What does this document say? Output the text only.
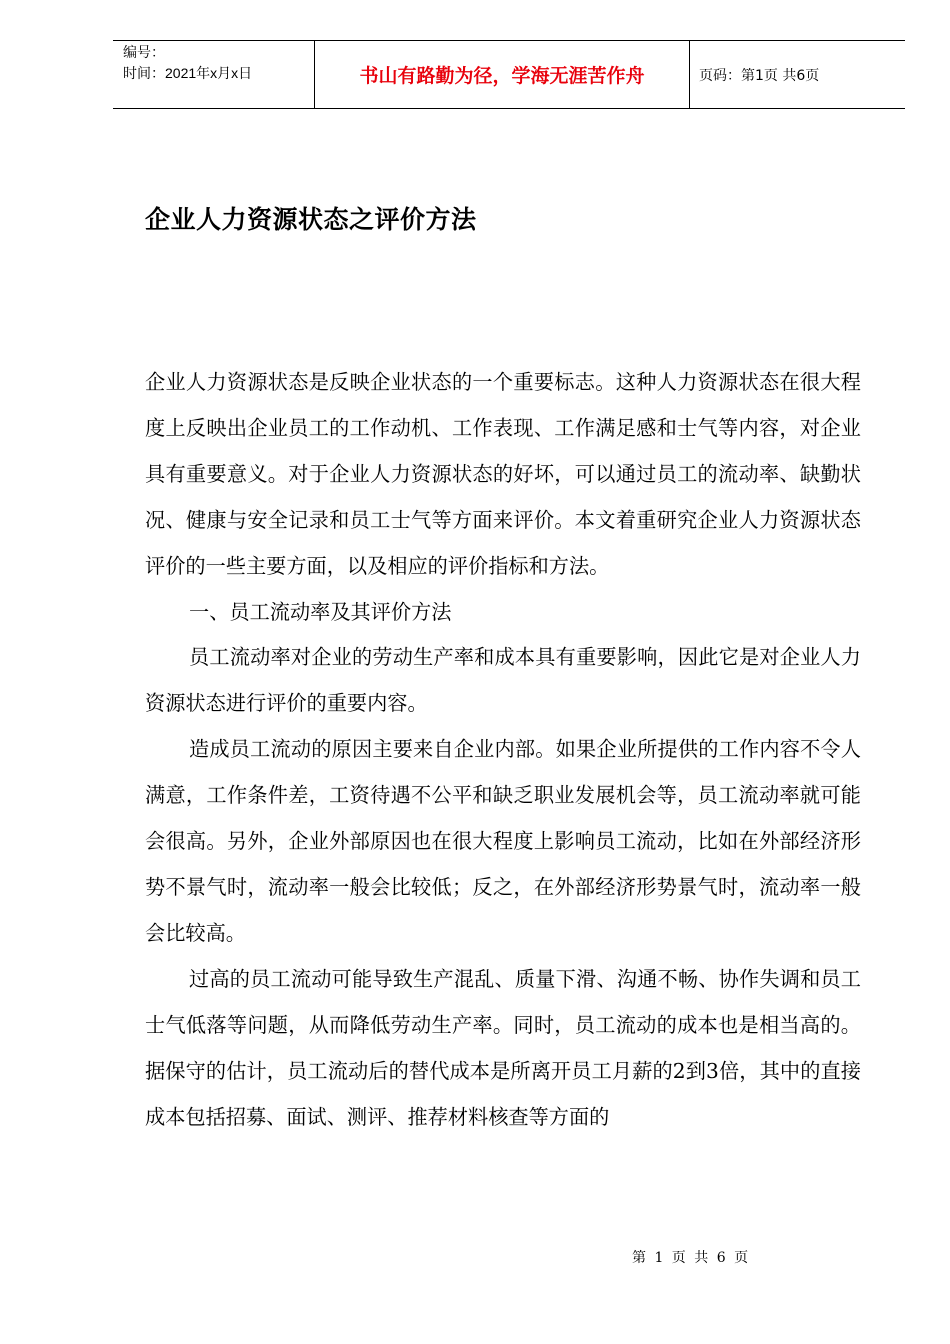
编号：
时间：2021年x月x日	书山有路勤为径，学海无涯苦作舟	页码：第1页 共6页
企业人力资源状态之评价方法

企业人力资源状态是反映企业状态的一个重要标志。这种人力资源状态在很大程度上反映出企业员工的工作动机、工作表现、工作满足感和士气等内容，对企业具有重要意义。对于企业人力资源状态的好坏，可以通过员工的流动率、缺勤状况、健康与安全记录和员工士气等方面来评价。本文着重研究企业人力资源状态评价的一些主要方面，以及相应的评价指标和方法。

一、员工流动率及其评价方法

员工流动率对企业的劳动生产率和成本具有重要影响，因此它是对企业人力资源状态进行评价的重要内容。

造成员工流动的原因主要来自企业内部。如果企业所提供的工作内容不令人满意，工作条件差，工资待遇不公平和缺乏职业发展机会等，员工流动率就可能会很高。另外，企业外部原因也在很大程度上影响员工流动，比如在外部经济形势不景气时，流动率一般会比较低；反之，在外部经济形势景气时，流动率一般会比较高。

过高的员工流动可能导致生产混乱、质量下滑、沟通不畅、协作失调和员工士气低落等问题，从而降低劳动生产率。同时，员工流动的成本也是相当高的。据保守的估计，员工流动后的替代成本是所离开员工月薪的2到3倍，其中的直接成本包括招募、面试、测评、推荐材料核查等方面的

第 1 页 共 6 页
